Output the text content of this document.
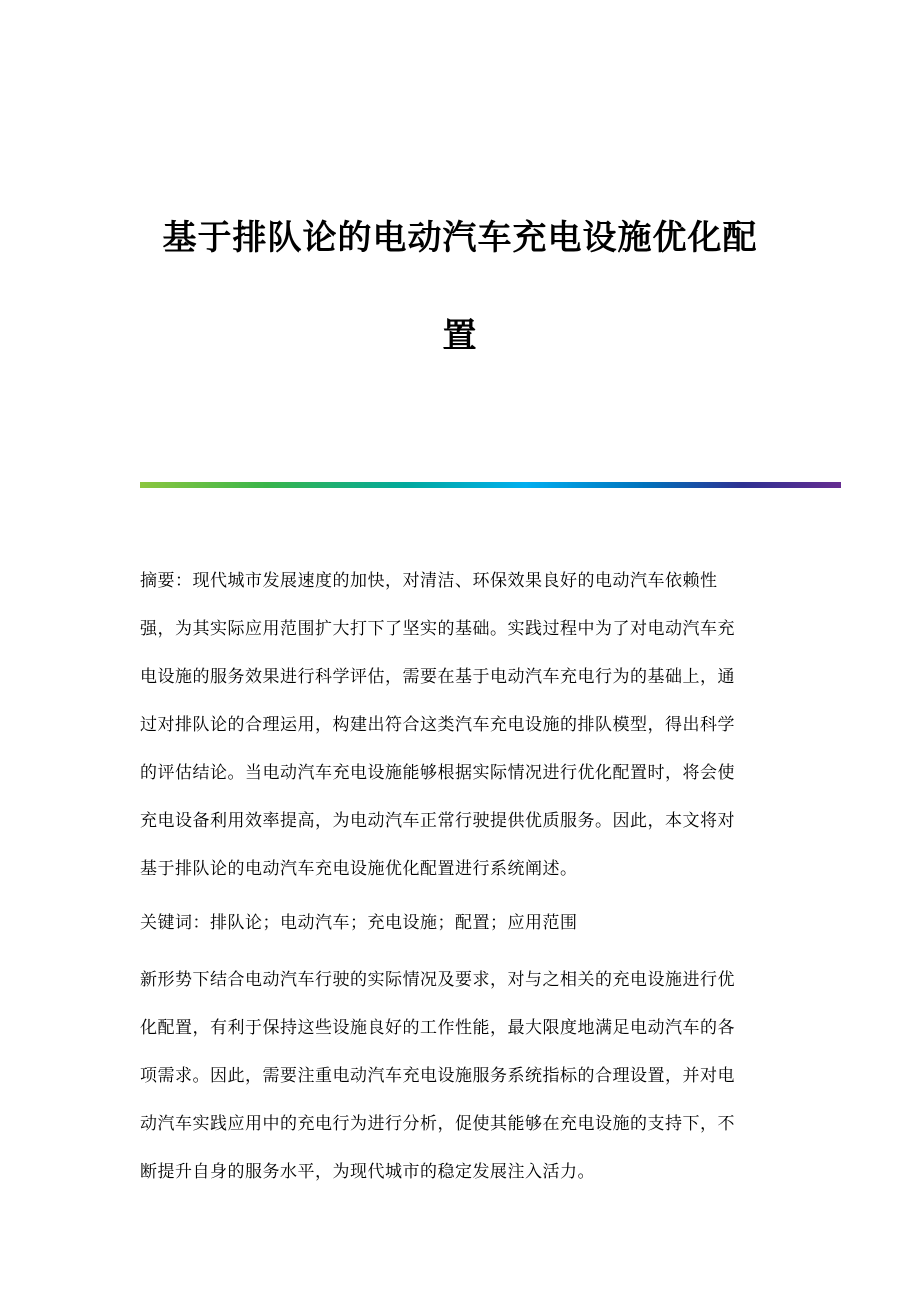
基于排队论的电动汽车充电设施优化配
置
摘要：现代城市发展速度的加快，对清洁、环保效果良好的电动汽车依赖性
强，为其实际应用范围扩大打下了坚实的基础。实践过程中为了对电动汽车充
电设施的服务效果进行科学评估，需要在基于电动汽车充电行为的基础上，通
过对排队论的合理运用，构建出符合这类汽车充电设施的排队模型，得出科学
的评估结论。当电动汽车充电设施能够根据实际情况进行优化配置时，将会使
充电设备利用效率提高，为电动汽车正常行驶提供优质服务。因此，本文将对
基于排队论的电动汽车充电设施优化配置进行系统阐述。
关键词：排队论；电动汽车；充电设施；配置；应用范围
新形势下结合电动汽车行驶的实际情况及要求，对与之相关的充电设施进行优
化配置，有利于保持这些设施良好的工作性能，最大限度地满足电动汽车的各
项需求。因此，需要注重电动汽车充电设施服务系统指标的合理设置，并对电
动汽车实践应用中的充电行为进行分析，促使其能够在充电设施的支持下，不
断提升自身的服务水平，为现代城市的稳定发展注入活力。
